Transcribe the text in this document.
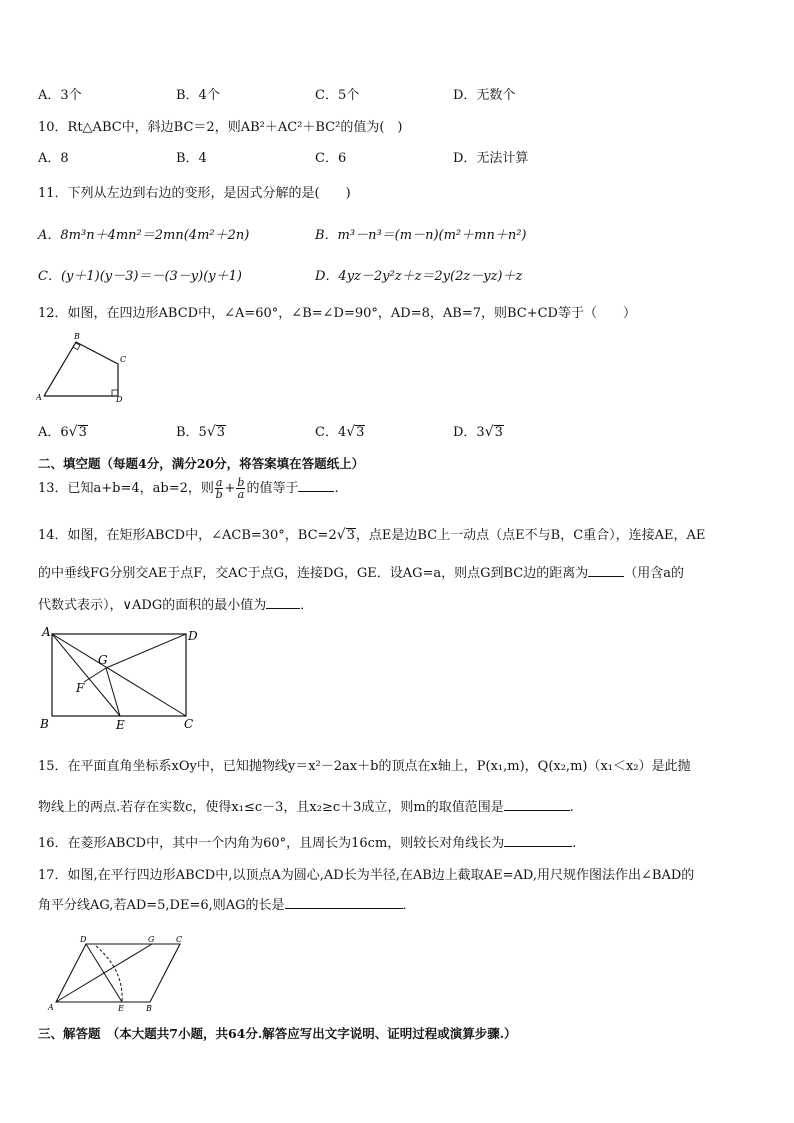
A．3个	B．4个	C．5个	D．无数个
10．Rt△ABC中，斜边BC＝2，则AB²＋AC²＋BC²的值为(　)
A．8	B．4	C．6	D．无法计算
11．下列从左边到右边的变形，是因式分解的是(　　)
A．8m³n＋4mn²＝2mn(4m²＋2n)	B．m³－n³＝(m－n)(m²＋mn＋n²)
C．(y＋1)(y－3)＝－(3－y)(y＋1)	D．4yz－2y²z＋z＝2y(2z－yz)＋z
12．如图，在四边形ABCD中，∠A=60°，∠B=∠D=90°，AD=8，AB=7，则BC+CD等于（　　）
A
B
C
D
A．6√3	B．5√3	C．4√3	D．3√3
二、填空题（每题4分，满分20分，将答案填在答题纸上）
13．已知a+b=4，ab=2，则 $\frac{a}{b} + \frac{b}{a}$ 的值等于	.
14．如图，在矩形ABCD中，∠ACB=30°，BC=2√3，点E是边BC上一动点（点E不与B，C重合），连接AE，AE
的中垂线FG分别交AE于点F，交AC于点G，连接DG，GE．设AG=a，则点G到BC边的距离为	（用含a的
代数式表示），∨ADG的面积的最小值为	．
A	D
B	C
E
F
G
15．在平面直角坐标系xOy中，已知抛物线y＝x²－2ax＋b的顶点在x轴上，P(x₁,m)，Q(x₂,m)（x₁＜x₂）是此抛
物线上的两点.若存在实数c，使得x₁≤c－3，且x₂≥c＋3成立，则m的取值范围是	.
16．在菱形ABCD中，其中一个内角为60°，且周长为16cm，则较长对角线长为	.
17．如图,在平行四边形ABCD中,以顶点A为圆心,AD长为半径,在AB边上截取AE=AD,用尺规作图法作出∠BAD的
角平分线AG,若AD=5,DE=6,则AG的长是	．
A
D	G	C
E	B
三、解答题　（本大题共7小题，共64分.解答应写出文字说明、证明过程或演算步骤.）
